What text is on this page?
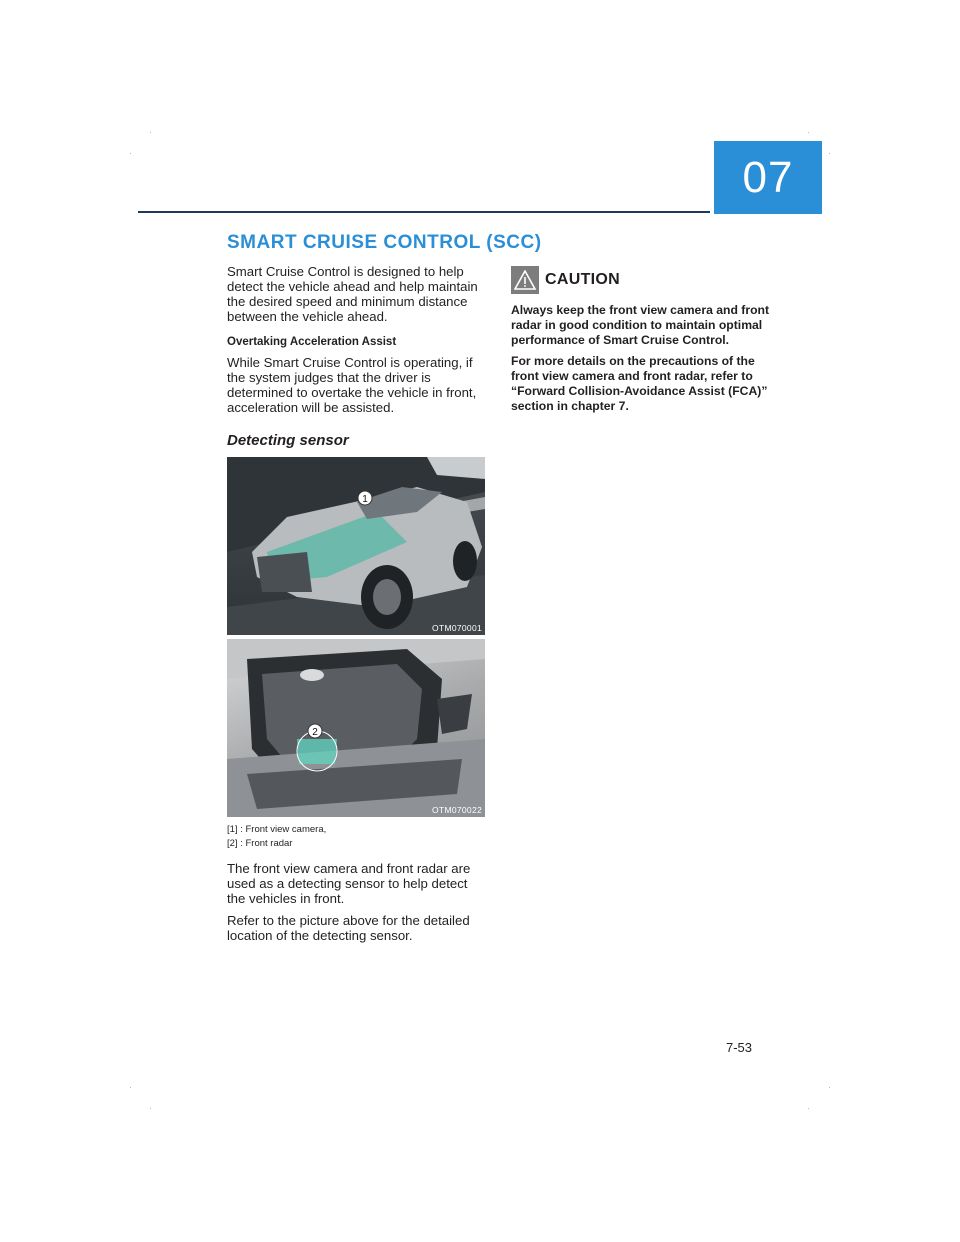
07
SMART CRUISE CONTROL (SCC)

Smart Cruise Control is designed to help detect the vehicle ahead and help maintain the desired speed and minimum distance between the vehicle ahead.

Overtaking Acceleration Assist

While Smart Cruise Control is operating, if the system judges that the driver is determined to overtake the vehicle in front, acceleration will be assisted.

Detecting sensor

1
OTM070001
2
OTM070022
[1] : Front view camera,
[2] : Front radar

The front view camera and front radar are used as a detecting sensor to help detect the vehicles in front.

Refer to the picture above for the detailed location of the detecting sensor.

CAUTION

Always keep the front view camera and front radar in good condition to maintain optimal performance of Smart Cruise Control.

For more details on the precautions of the front view camera and front radar, refer to “Forward Collision-Avoidance Assist (FCA)” section in chapter 7.

7-53
